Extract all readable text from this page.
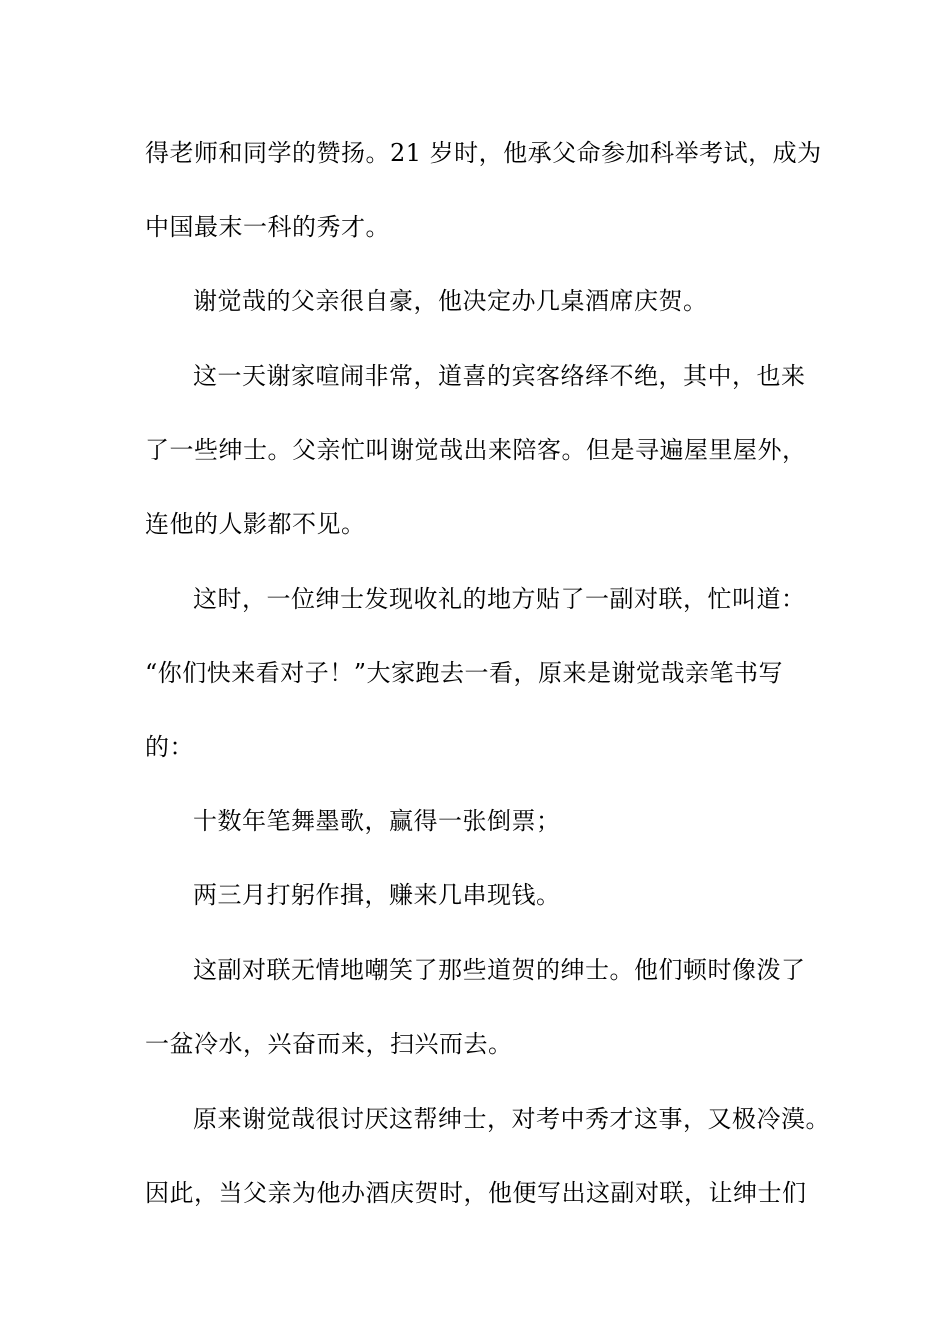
得老师和同学的赞扬。21 岁时，他承父命参加科举考试，成为
中国最末一科的秀才。
谢觉哉的父亲很自豪，他决定办几桌酒席庆贺。
这一天谢家喧闹非常，道喜的宾客络绎不绝，其中，也来
了一些绅士。父亲忙叫谢觉哉出来陪客。但是寻遍屋里屋外，
连他的人影都不见。
这时，一位绅士发现收礼的地方贴了一副对联，忙叫道：
“你们快来看对子！”大家跑去一看，原来是谢觉哉亲笔书写
的：
十数年笔舞墨歌，赢得一张倒票；
两三月打躬作揖，赚来几串现钱。
这副对联无情地嘲笑了那些道贺的绅士。他们顿时像泼了
一盆冷水，兴奋而来，扫兴而去。
原来谢觉哉很讨厌这帮绅士，对考中秀才这事，又极冷漠。
因此，当父亲为他办酒庆贺时，他便写出这副对联，让绅士们
